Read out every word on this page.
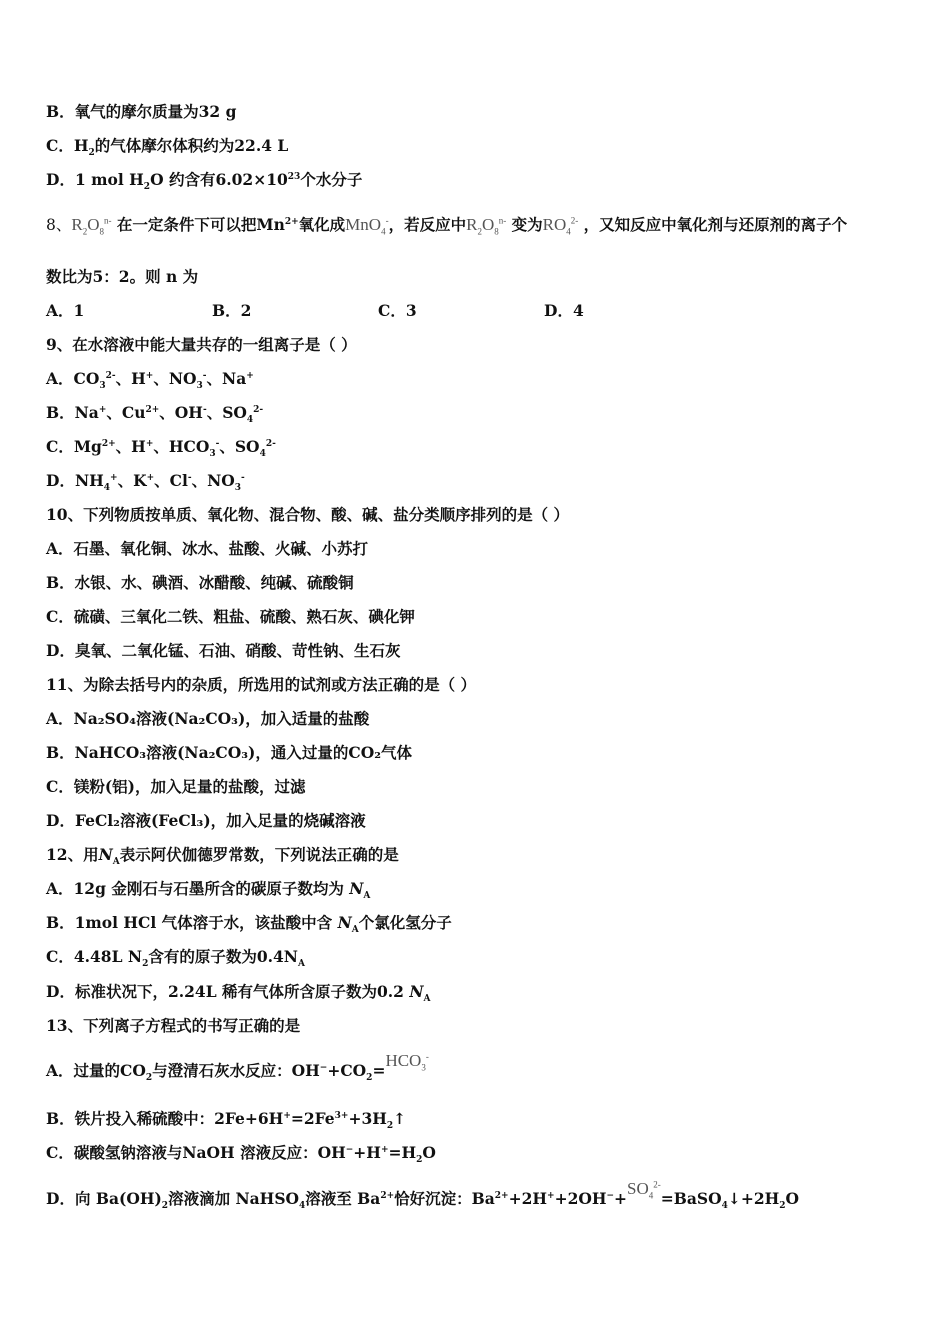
B．氧气的摩尔质量为32 g
C．$H_2$的气体摩尔体积约为22.4 L
D．1 mol $H_2O$ 约含有$6.02\times 10^{23}$个水分子
8、$R_2O_8^{n-}$ 在一定条件下可以把$Mn^{2+}$氧化成MnO$_4$-，若反应中$R_2O_8^{n-}$ 变为$RO_4^{2-}$ ，又知反应中氧化剂与还原剂的离子个
数比为5：2。则 n 为
A．1	B．2	C．3	D．4
9、在水溶液中能大量共存的一组离子是（ ）
A．$CO_3^{2-}$、H+、$NO_3^-$、Na+
B．Na+、$Cu^{2+}$、OH-、$SO_4^{2-}$
C．$Mg^{2+}$、H+、$HCO_3^-$、$SO_4^{2-}$
D．$NH_4^+$、K+、Cl-、$NO_3^-$
10、下列物质按单质、氧化物、混合物、酸、碱、盐分类顺序排列的是（ ）
A．石墨、氧化铜、冰水、盐酸、火碱、小苏打
B．水银、水、碘酒、冰醋酸、纯碱、硫酸铜
C．硫磺、三氧化二铁、粗盐、硫酸、熟石灰、碘化钾
D．臭氧、二氧化锰、石油、硝酸、苛性钠、生石灰
11、为除去括号内的杂质，所选用的试剂或方法正确的是（ ）
A．Na₂SO₄溶液(Na₂CO₃)，加入适量的盐酸
B．NaHCO₃溶液(Na₂CO₃)，通入过量的CO₂气体
C．镁粉(铝)，加入足量的盐酸，过滤
D．FeCl₂溶液(FeCl₃)，加入足量的烧碱溶液
12、用$N_A$表示阿伏伽德罗常数，下列说法正确的是
A．12g 金刚石与石墨所含的碳原子数均为 $N_A$
B．1mol HCl 气体溶于水，该盐酸中含 $N_A$个氯化氢分子
C．4.48L $N_2$含有的原子数为$0.4N_A$
D．标准状况下，2.24L 稀有气体所含原子数为0.2 $N_A$
13、下列离子方程式的书写正确的是
A．过量的$CO_2$与澄清石灰水反应：$OH^-+CO_2=HCO_3^-$
B．铁片投入稀硫酸中：$2Fe+6H^+=2Fe^{3+}+3H_2↑$
C．碳酸氢钠溶液与NaOH 溶液反应：$OH^-+H^+=H_2O$
D．向 $Ba(OH)_2$溶液滴加 NaHSO$_4$溶液至 $Ba^{2+}$恰好沉淀：$Ba^{2+}+2H^++2OH^-+SO_4^{2-}=BaSO_4↓+2H_2O$
